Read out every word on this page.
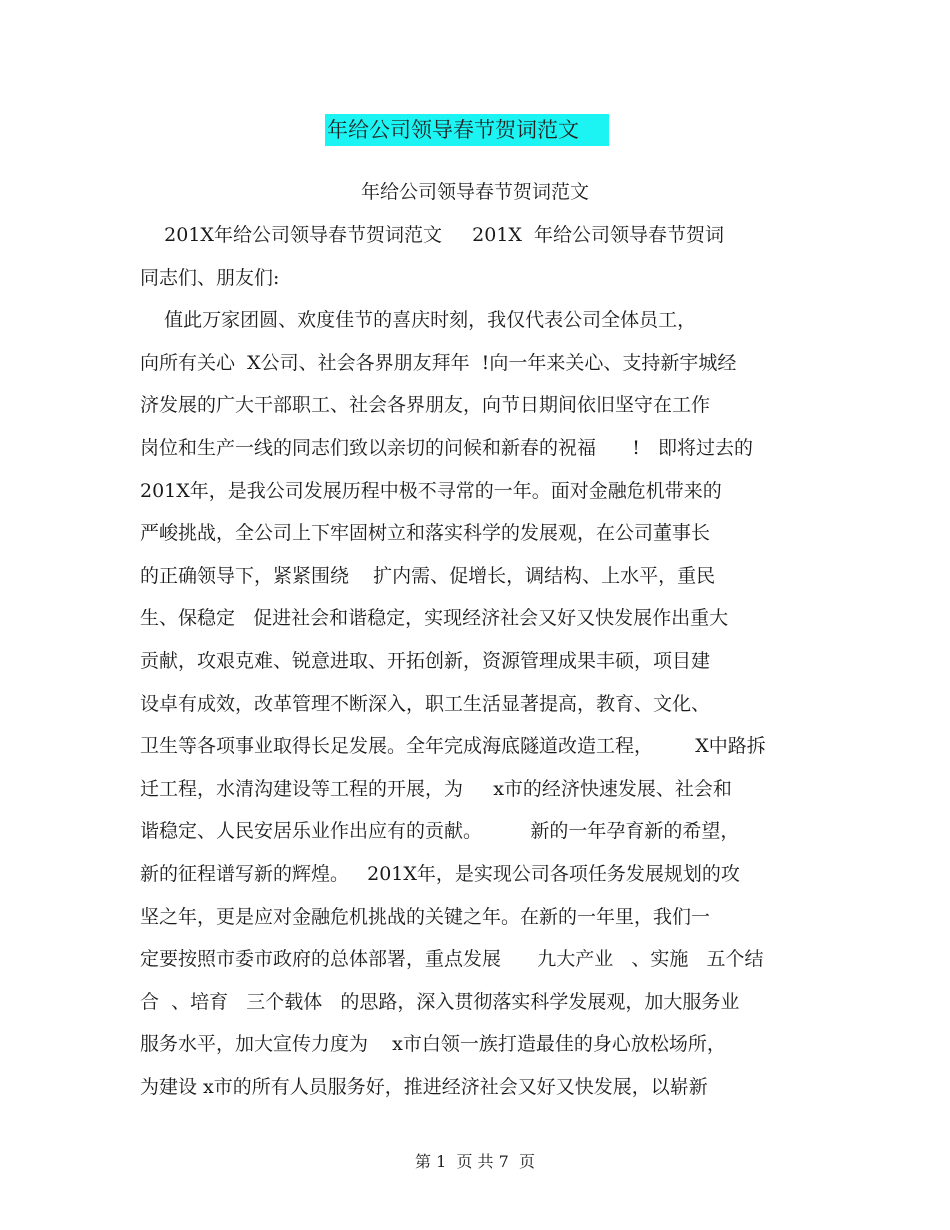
年给公司领导春节贺词范文
年给公司领导春节贺词范文
201X年给公司领导春节贺词范文     201X  年给公司领导春节贺词
同志们、朋友们:
值此万家团圆、欢度佳节的喜庆时刻，我仅代表公司全体员工，
向所有关心  X公司、社会各界朋友拜年  !向一年来关心、支持新宇城经
济发展的广大干部职工、社会各界朋友，向节日期间依旧坚守在工作
岗位和生产一线的同志们致以亲切的问候和新春的祝福      !   即将过去的
201X年，是我公司发展历程中极不寻常的一年。面对金融危机带来的
严峻挑战，全公司上下牢固树立和落实科学的发展观，在公司董事长
的正确领导下，紧紧围绕    扩内需、促增长，调结构、上水平，重民
生、保稳定   促进社会和谐稳定，实现经济社会又好又快发展作出重大
贡献，攻艰克难、锐意进取、开拓创新，资源管理成果丰硕，项目建
设卓有成效，改革管理不断深入，职工生活显著提高，教育、文化、
卫生等各项事业取得长足发展。全年完成海底隧道改造工程，       X中路拆
迁工程，水清沟建设等工程的开展，为     x市的经济快速发展、社会和
谐稳定、人民安居乐业作出应有的贡献。        新的一年孕育新的希望，
新的征程谱写新的辉煌。   201X年，是实现公司各项任务发展规划的攻
坚之年，更是应对金融危机挑战的关键之年。在新的一年里，我们一
定要按照市委市政府的总体部署，重点发展      九大产业   、实施   五个结
合  、培育   三个载体   的思路，深入贯彻落实科学发展观，加大服务业
服务水平，加大宣传力度为    x市白领一族打造最佳的身心放松场所，
为建设 x市的所有人员服务好，推进经济社会又好又快发展，以崭新
第 1  页 共 7  页
